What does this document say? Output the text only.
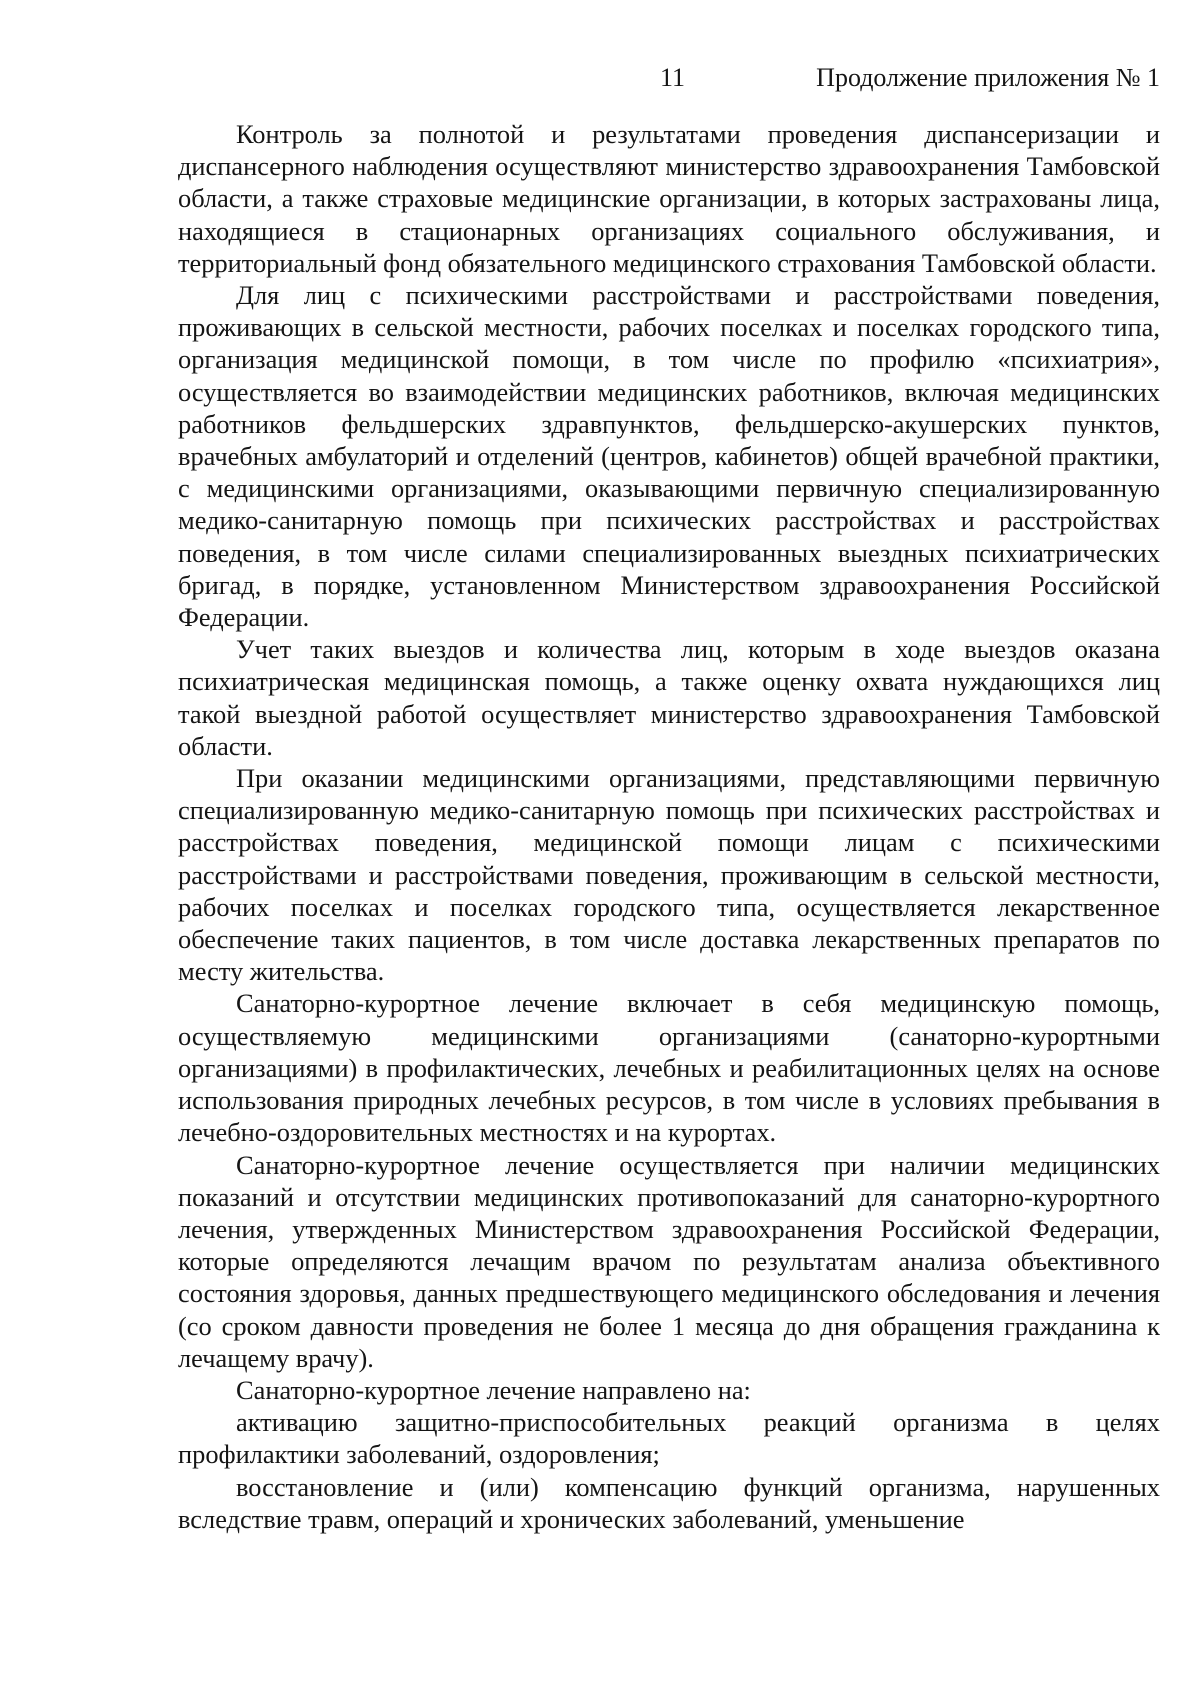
11	Продолжение приложения № 1

Контроль за полнотой и результатами проведения диспансеризации и диспансерного наблюдения осуществляют министерство здравоохранения Тамбовской области, а также страховые медицинские организации, в которых застрахованы лица, находящиеся в стационарных организациях социального обслуживания, и территориальный фонд обязательного медицинского страхования Тамбовской области.

Для лиц с психическими расстройствами и расстройствами поведения, проживающих в сельской местности, рабочих поселках и поселках городского типа, организация медицинской помощи, в том числе по профилю «психиатрия», осуществляется во взаимодействии медицинских работников, включая медицинских работников фельдшерских здравпунктов, фельдшерско-акушерских пунктов, врачебных амбулаторий и отделений (центров, кабинетов) общей врачебной практики, с медицинскими организациями, оказывающими первичную специализированную медико-санитарную помощь при психических расстройствах и расстройствах поведения, в том числе силами специализированных выездных психиатрических бригад, в порядке, установленном Министерством здравоохранения Российской Федерации.

Учет таких выездов и количества лиц, которым в ходе выездов оказана психиатрическая медицинская помощь, а также оценку охвата нуждающихся лиц такой выездной работой осуществляет министерство здравоохранения Тамбовской области.

При оказании медицинскими организациями, представляющими первичную специализированную медико-санитарную помощь при психических расстройствах и расстройствах поведения, медицинской помощи лицам с психическими расстройствами и расстройствами поведения, проживающим в сельской местности, рабочих поселках и поселках городского типа, осуществляется лекарственное обеспечение таких пациентов, в том числе доставка лекарственных препаратов по месту жительства.

Санаторно-курортное лечение включает в себя медицинскую помощь, осуществляемую медицинскими организациями (санаторно-курортными организациями) в профилактических, лечебных и реабилитационных целях на основе использования природных лечебных ресурсов, в том числе в условиях пребывания в лечебно-оздоровительных местностях и на курортах.

Санаторно-курортное лечение осуществляется при наличии медицинских показаний и отсутствии медицинских противопоказаний для санаторно-курортного лечения, утвержденных Министерством здравоохранения Российской Федерации, которые определяются лечащим врачом по результатам анализа объективного состояния здоровья, данных предшествующего медицинского обследования и лечения (со сроком давности проведения не более 1 месяца до дня обращения гражданина к лечащему врачу).

Санаторно-курортное лечение направлено на:

активацию защитно-приспособительных реакций организма в целях профилактики заболеваний, оздоровления;

восстановление и (или) компенсацию функций организма, нарушенных вследствие травм, операций и хронических заболеваний, уменьшение
